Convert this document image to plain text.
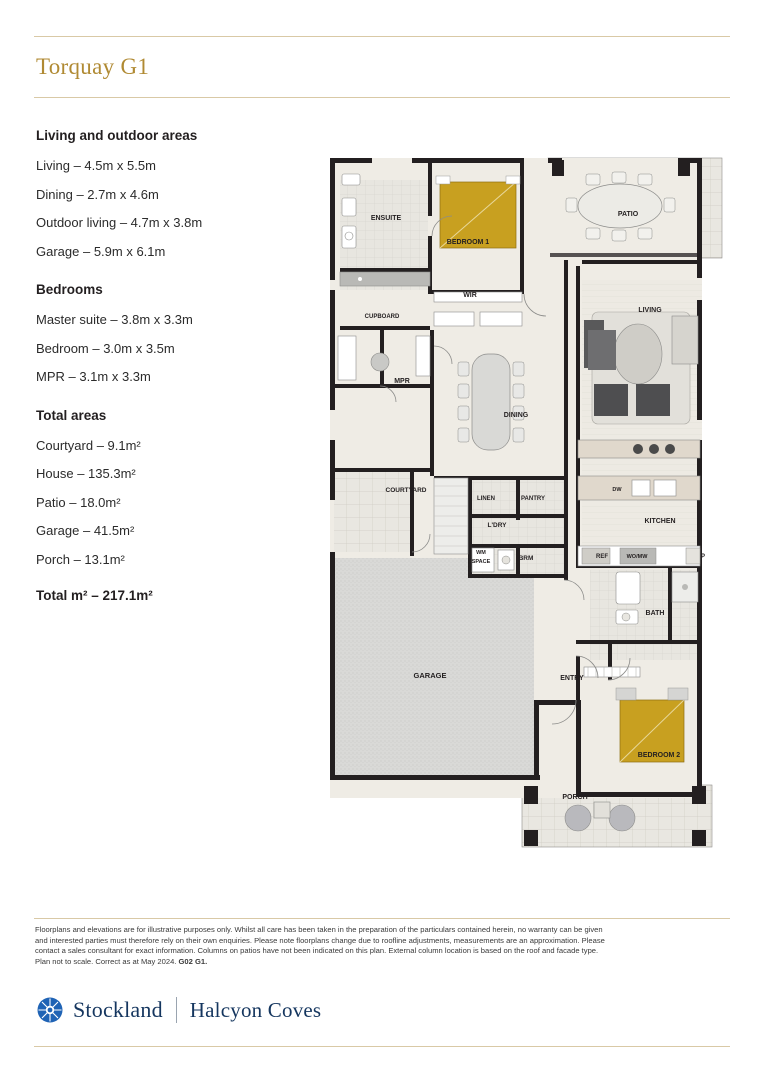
Torquay G1
Living and outdoor areas

Living – 4.5m x 5.5m

Dining – 2.7m x 4.6m

Outdoor living – 4.7m x 3.8m

Garage – 5.9m x 6.1m

Bedrooms

Master suite – 3.8m x 3.3m

Bedroom – 3.0m x 3.5m

MPR – 3.1m x 3.3m

Total areas

Courtyard – 9.1m²

House – 135.3m²

Patio – 18.0m²

Garage – 41.5m²

Porch – 13.1m²

Total m² – 217.1m²
ENSUITE
BEDROOM 1
PATIO
WIR
CUPBOARD
LIVING
MPR
DINING
COURTYARD
LINEN	PANTRY
L'DRY
KITCHEN
WM
SPACE	BRM	REF	WO/MW	P
DW
BATH
GARAGE	ENTRY
BEDROOM 2
PORCH
Floorplans and elevations are for illustrative purposes only. Whilst all care has been taken in the preparation of the particulars contained herein, no warranty can be given
and interested parties must therefore rely on their own enquiries. Please note floorplans change due to roofline adjustments, measurements are an approximation. Please
contact a sales consultant for exact information. Columns on patios have not been indicated on this plan. External column location is based on the roof and facade type.
Plan not to scale. Correct as at May 2024. G02 G1.
Stockland Halcyon Coves
